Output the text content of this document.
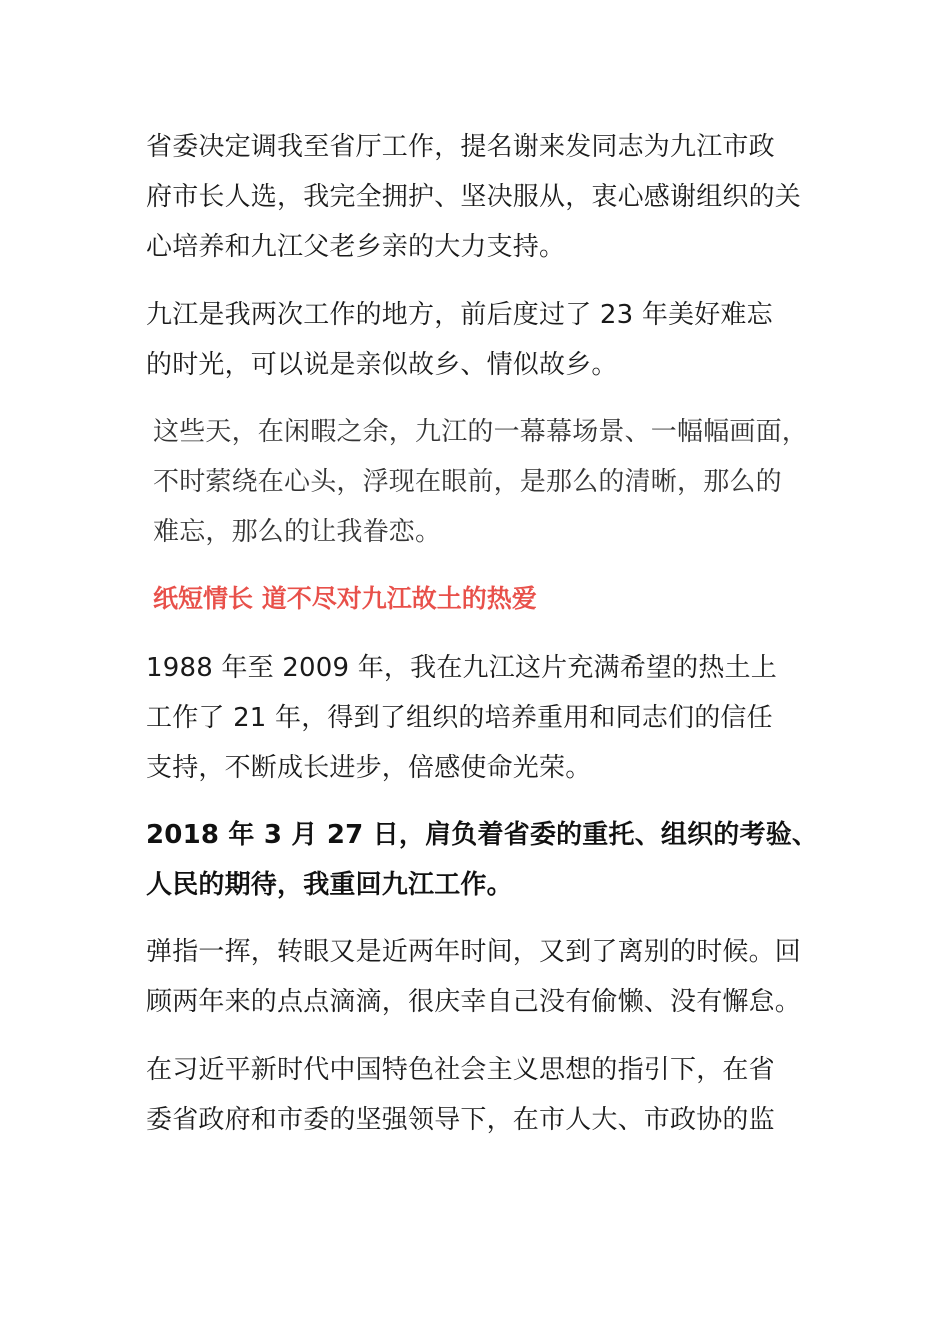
省委决定调我至省厅工作，提名谢来发同志为九江市政
府市长人选，我完全拥护、坚决服从，衷心感谢组织的关
心培养和九江父老乡亲的大力支持。

九江是我两次工作的地方，前后度过了 23 年美好难忘
的时光，可以说是亲似故乡、情似故乡。

这些天，在闲暇之余，九江的一幕幕场景、一幅幅画面，
不时萦绕在心头，浮现在眼前，是那么的清晰，那么的
难忘，那么的让我眷恋。

纸短情长 道不尽对九江故土的热爱

1988 年至 2009 年，我在九江这片充满希望的热土上
工作了 21 年，得到了组织的培养重用和同志们的信任
支持，不断成长进步，倍感使命光荣。

2018 年 3 月 27 日，肩负着省委的重托、组织的考验、
人民的期待，我重回九江工作。

弹指一挥，转眼又是近两年时间，又到了离别的时候。回
顾两年来的点点滴滴，很庆幸自己没有偷懒、没有懈怠。

在习近平新时代中国特色社会主义思想的指引下，在省
委省政府和市委的坚强领导下，在市人大、市政协的监
